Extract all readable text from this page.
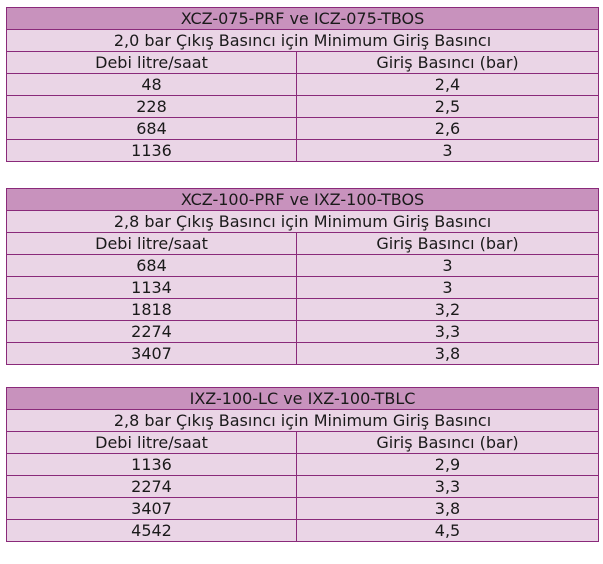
XCZ-075-PRF ve ICZ-075-TBOS	
2,0 bar Çıkış Basıncı için Minimum Giriş Basıncı	
Debi litre/saat	Giriş Basıncı (bar)
48	2,4
228	2,5
684	2,6
1136	3
XCZ-100-PRF ve IXZ-100-TBOS	
2,8 bar Çıkış Basıncı için Minimum Giriş Basıncı	
Debi litre/saat	Giriş Basıncı (bar)
684	3
1134	3
1818	3,2
2274	3,3
3407	3,8
IXZ-100-LC ve IXZ-100-TBLC	
2,8 bar Çıkış Basıncı için Minimum Giriş Basıncı	
Debi litre/saat	Giriş Basıncı (bar)
1136	2,9
2274	3,3
3407	3,8
4542	4,5
